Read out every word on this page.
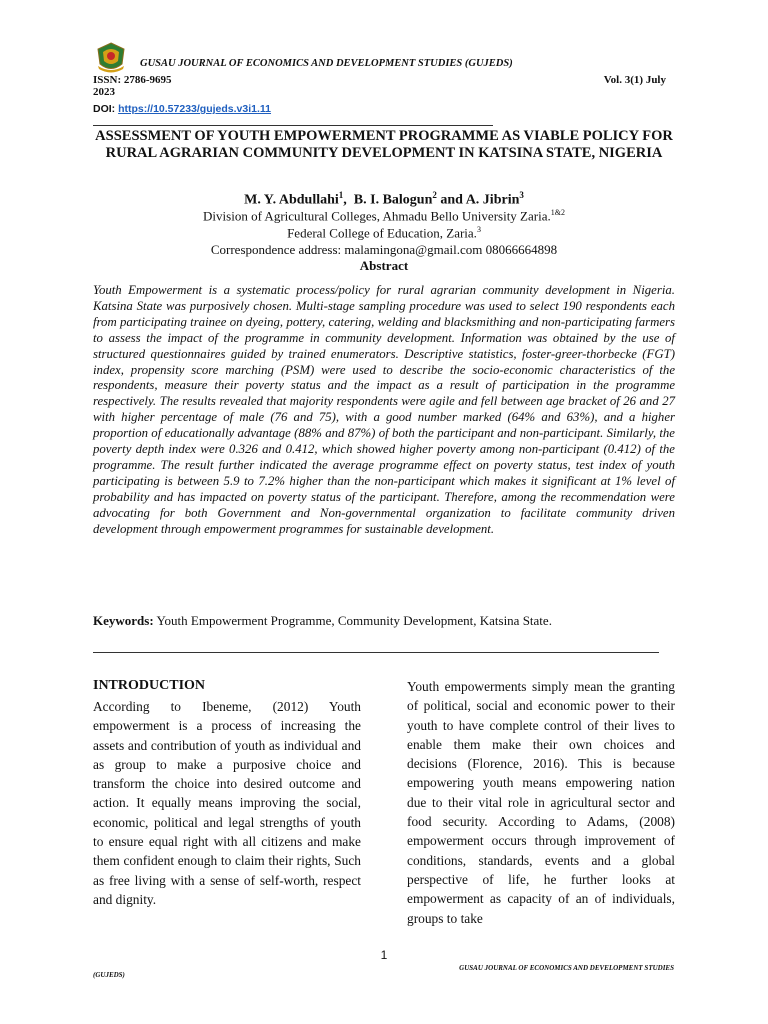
GUSAU JOURNAL OF ECONOMICS AND DEVELOPMENT STUDIES (GUJEDS)
ISSN: 2786-9695	Vol. 3(1) July
2023
DOI: https://10.57233/gujeds.v3i1.11
ASSESSMENT OF YOUTH EMPOWERMENT PROGRAMME AS VIABLE POLICY FOR RURAL AGRARIAN COMMUNITY DEVELOPMENT IN KATSINA STATE, NIGERIA
M. Y. Abdullahi$^1$,  B. I. Balogun$^2$ and A. Jibrin$^3$
Division of Agricultural Colleges, Ahmadu Bello University Zaria.$^{1\&2}$
Federal College of Education, Zaria.$^3$
Correspondence address: malamingona@gmail.com 08066664898
Abstract
Youth Empowerment is a systematic process/policy for rural agrarian community development in Nigeria. Katsina State was purposively chosen. Multi-stage sampling procedure was used to select 190 respondents each from participating trainee on dyeing, pottery, catering, welding and blacksmithing and non-participating farmers to assess the impact of the programme in community development. Information was obtained by the use of structured questionnaires guided by trained enumerators. Descriptive statistics, foster-greer-thorbecke (FGT) index, propensity score marching (PSM) were used to describe the socio-economic characteristics of the respondents, measure their poverty status and the impact as a result of participation in the programme respectively. The results revealed that majority respondents were agile and fell between age bracket of 26 and 27 with higher percentage of male (76 and 75), with a good number marked (64% and 63%), and a higher proportion of educationally advantage (88% and 87%) of both the participant and non-participant. Similarly, the poverty depth index were 0.326 and 0.412, which showed higher poverty among non-participant (0.412) of the programme. The result further indicated the average programme effect on poverty status, test index of youth participating is between 5.9 to 7.2% higher than the non-participant which makes it significant at 1% level of probability and has impacted on poverty status of the participant. Therefore, among the recommendation were advocating for both Government and Non-governmental organization to facilitate community driven development through empowerment programmes for sustainable development.
Keywords: Youth Empowerment Programme, Community Development, Katsina State.
INTRODUCTION

According to Ibeneme, (2012) Youth empowerment is a process of increasing the assets and contribution of youth as individual and as group to make a purposive choice and transform the choice into desired outcome and action. It equally means improving the social, economic, political and legal strengths of youth to ensure equal right with all citizens and make them confident enough to claim their rights, Such as free living with a sense of self-worth, respect and dignity.

Youth empowerments simply mean the granting of political, social and economic power to their youth to have complete control of their lives to enable them make their own choices and decisions (Florence, 2016). This is because empowering youth means empowering nation due to their vital role in agricultural sector and food security. According to Adams, (2008) empowerment occurs through improvement of conditions, standards, events and a global perspective of life, he further looks at empowerment as capacity of an of individuals, groups to take

1
GUSAU JOURNAL OF ECONOMICS AND DEVELOPMENT STUDIES
(GUJEDS)
